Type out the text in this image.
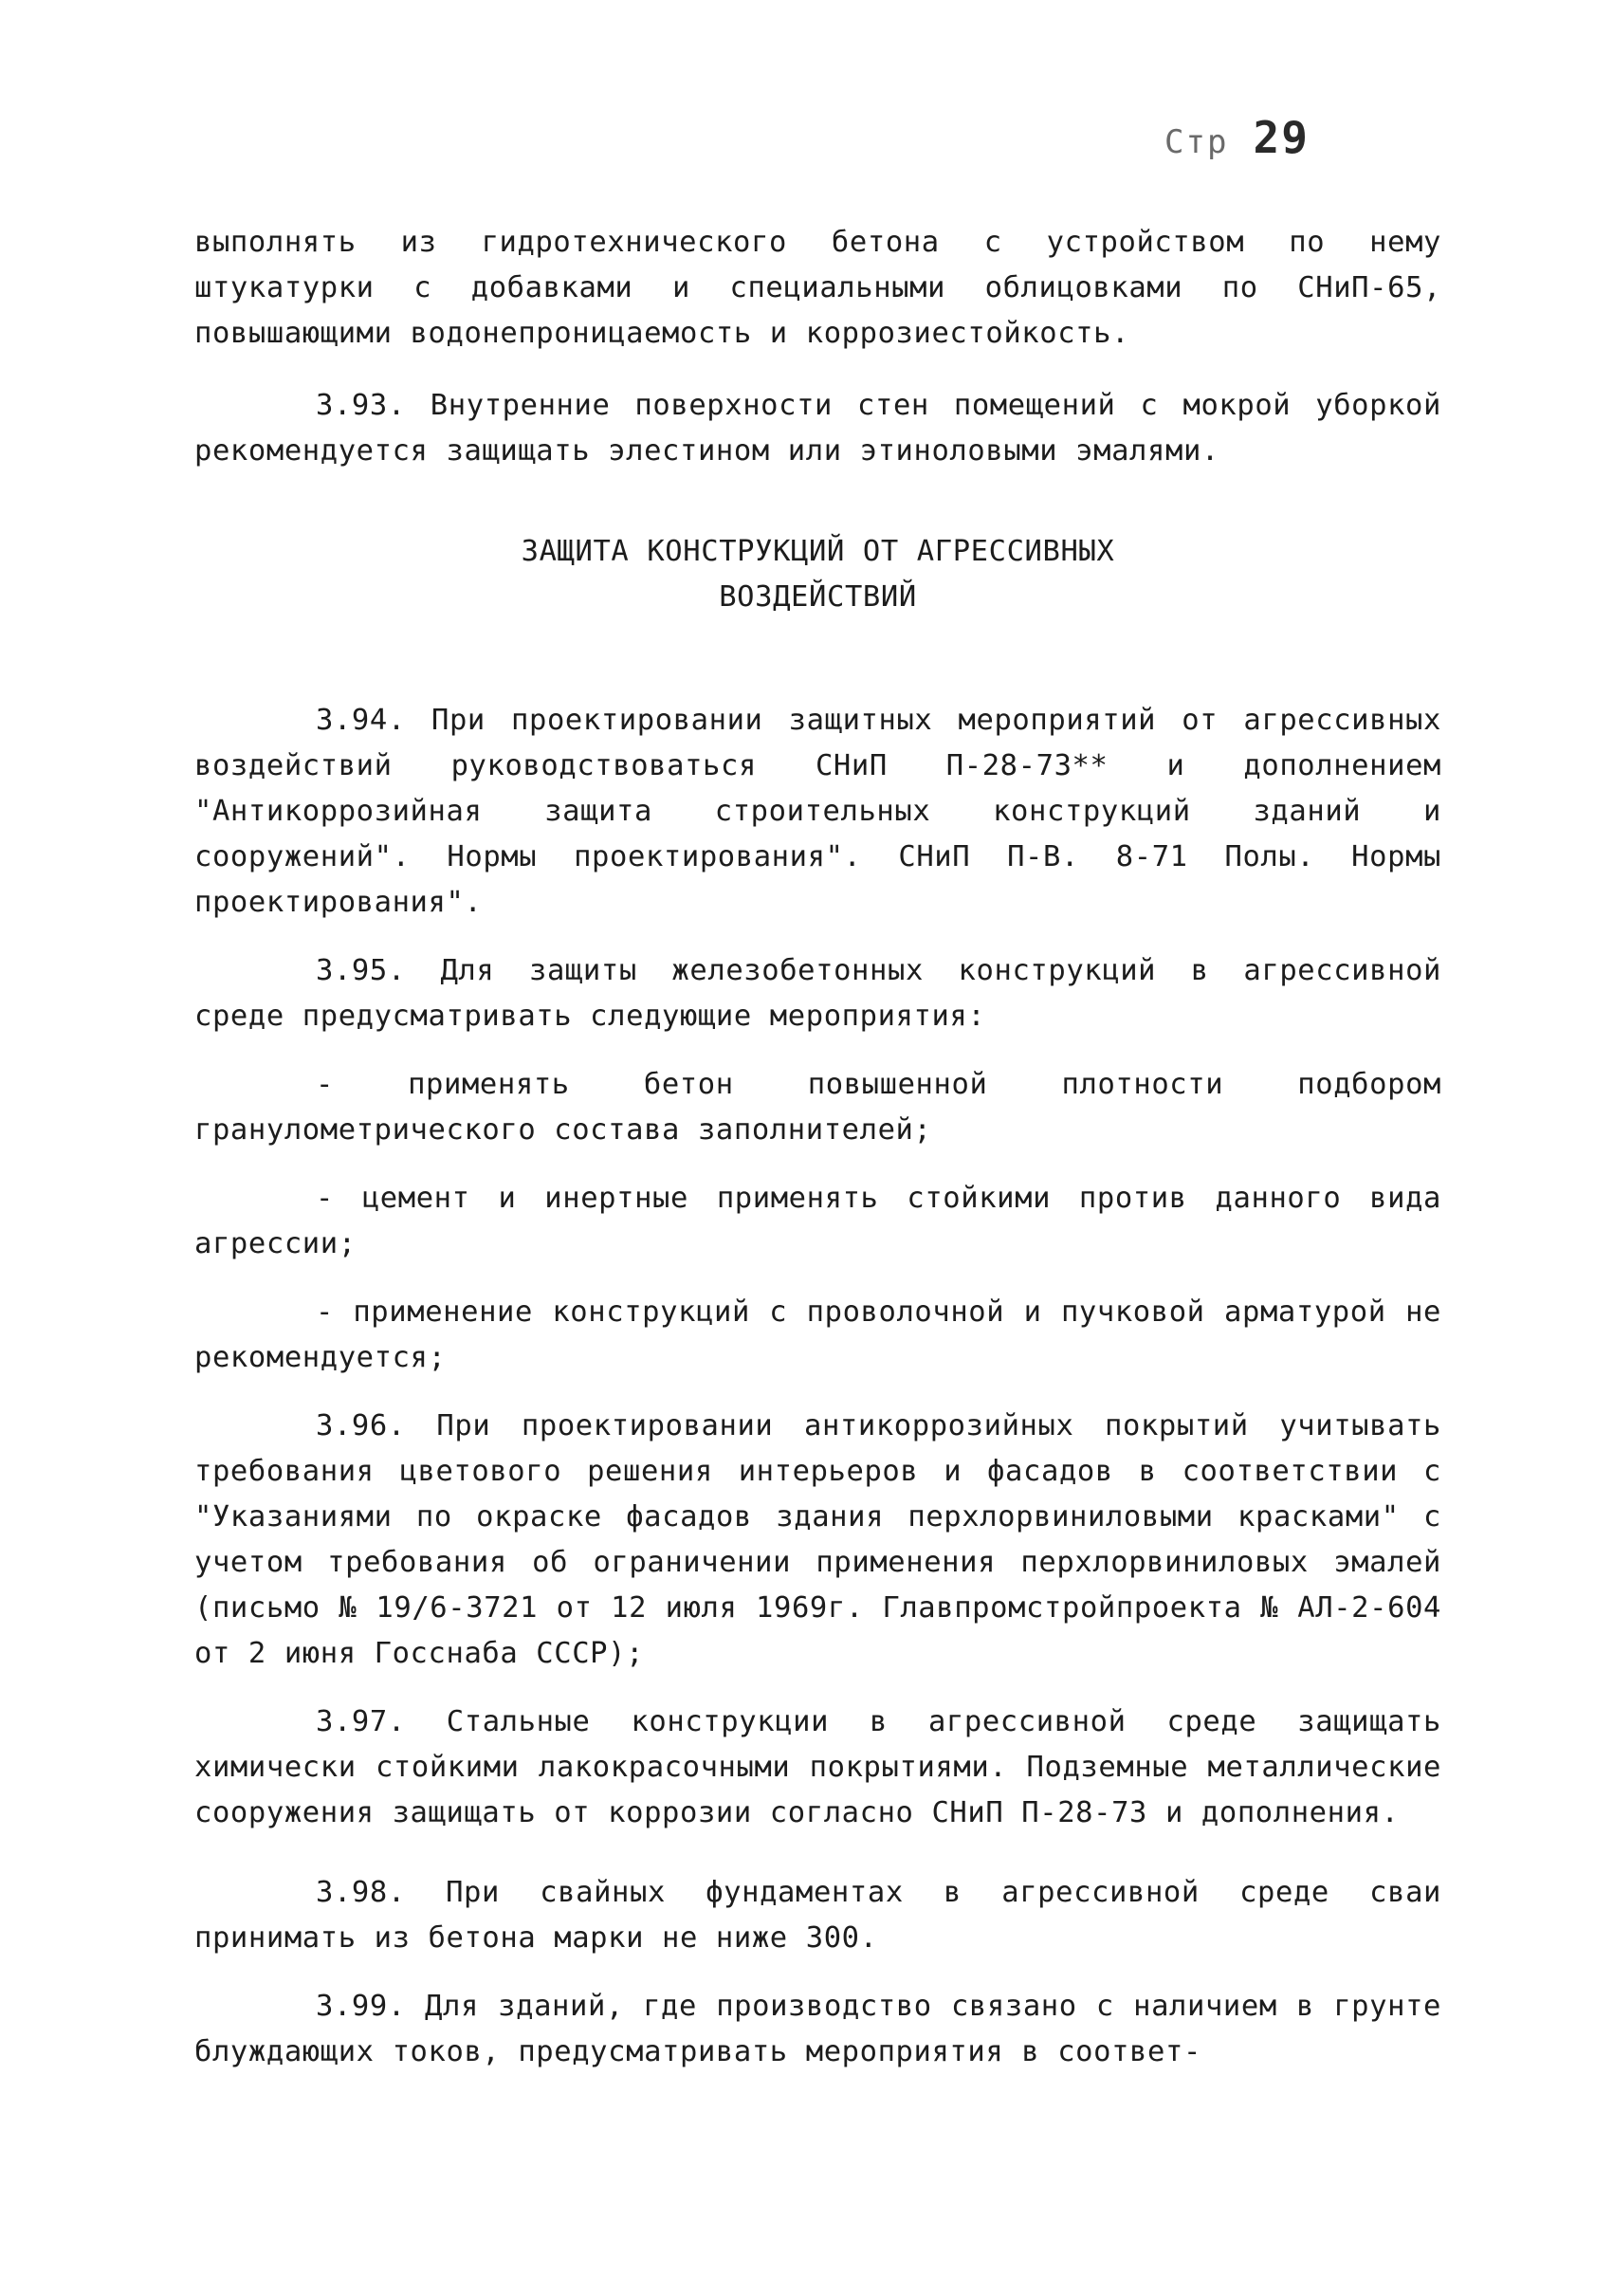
Стр 29

выполнять из гидротехнического бетона с устройством по нему штукатурки с добавками и специальными облицовками по СНиП-65, повышающими водонепроницаемость и коррозиестойкость.

3.93. Внутренние поверхности стен помещений с мокрой уборкой рекомендуется защищать элестином или этиноловыми эмалями.

ЗАЩИТА КОНСТРУКЦИЙ ОТ АГРЕССИВНЫХ

ВОЗДЕЙСТВИЙ

3.94. При проектировании защитных мероприятий от агрессивных воздействий руководствоваться СНиП П-28-73** и дополнением "Антикоррозийная защита строительных конструкций зданий и сооружений". Нормы проектирования". СНиП П-В. 8-71 Полы. Нормы проектирования".

3.95. Для защиты железобетонных конструкций в агрессивной среде предусматривать следующие мероприятия:

- применять бетон повышенной плотности подбором гранулометрического состава заполнителей;

- цемент и инертные применять стойкими против данного вида агрессии;

- применение конструкций с проволочной и пучковой арматурой не рекомендуется;

3.96. При проектировании антикоррозийных покрытий учитывать требования цветового решения интерьеров и фасадов в соответствии с "Указаниями по окраске фасадов здания перхлорвиниловыми красками" с учетом требования об ограничении применения перхлорвиниловых эмалей (письмо № 19/6-3721 от 12 июля 1969г. Главпромстройпроекта № АЛ-2-604 от 2 июня Госснаба СССР);

3.97. Стальные конструкции в агрессивной среде защищать химически стойкими лакокрасочными покрытиями. Подземные металлические сооружения защищать от коррозии согласно СНиП П-28-73 и дополнения.

3.98. При свайных фундаментах в агрессивной среде сваи принимать из бетона марки не ниже 300.

3.99. Для зданий, где производство связано с наличием в грунте блуждающих токов, предусматривать мероприятия в соответ-
